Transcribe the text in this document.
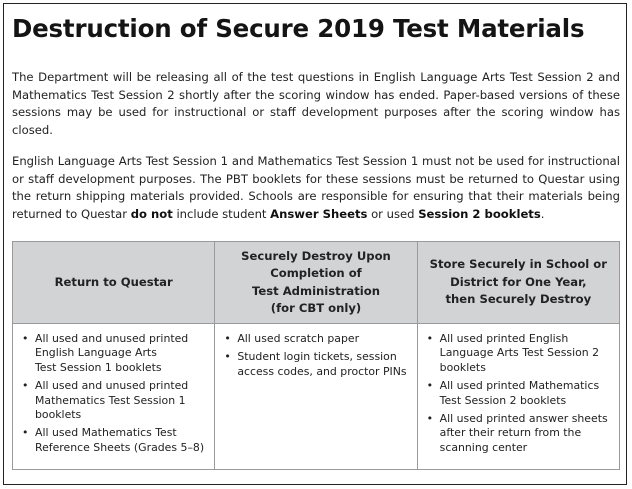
Destruction of Secure 2019 Test Materials

The Department will be releasing all of the test questions in English Language Arts Test Session 2 and Mathematics Test Session 2 shortly after the scoring window has ended. Paper-based versions of these sessions may be used for instructional or staff development purposes after the scoring window has closed.

English Language Arts Test Session 1 and Mathematics Test Session 1 must not be used for instructional or staff development purposes. The PBT booklets for these sessions must be returned to Questar using the return shipping materials provided. Schools are responsible for ensuring that their materials being returned to Questar do not include student Answer Sheets or used Session 2 booklets.

Return to Questar
• All used and unused printed
English Language Arts
Test Session 1 booklets
• All used and unused printed
Mathematics Test Session 1
booklets
• All used Mathematics Test
Reference Sheets (Grades 5–8)
Securely Destroy Upon
Completion of
Test Administration
(for CBT only)
• All used scratch paper
• Student login tickets, session
access codes, and proctor PINs
Store Securely in School or
District for One Year,
then Securely Destroy
• All used printed English
Language Arts Test Session 2
booklets
• All used printed Mathematics
Test Session 2 booklets
• All used printed answer sheets
after their return from the
scanning center
